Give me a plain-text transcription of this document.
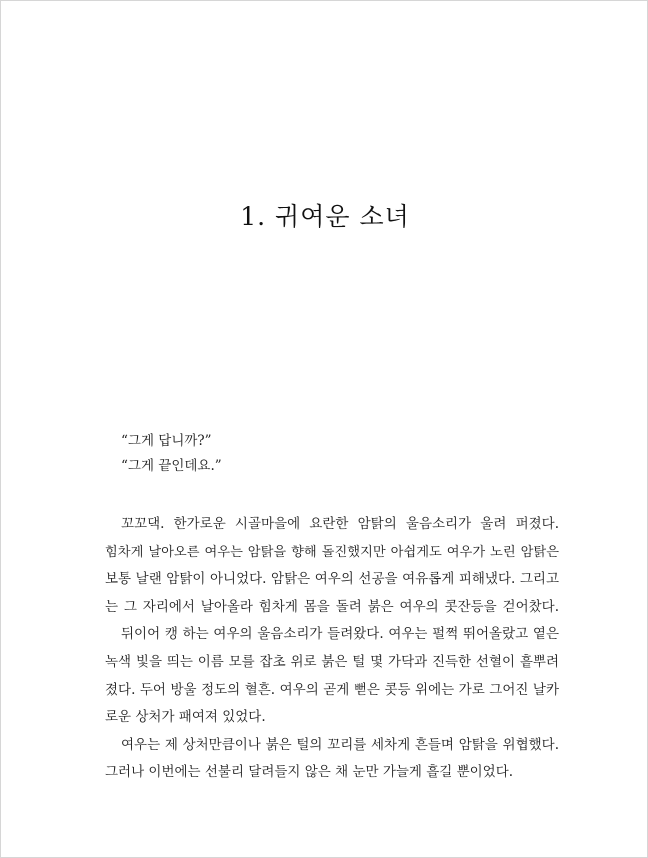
1. 귀여운 소녀

“그게 답니까?”

“그게 끝인데요.”

꼬꼬댁. 한가로운 시골마을에 요란한 암탉의 울음소리가 울려 퍼졌다.
힘차게 날아오른 여우는 암탉을 향해 돌진했지만 아쉽게도 여우가 노린 암탉은
보통 날랜 암탉이 아니었다. 암탉은 여우의 선공을 여유롭게 피해냈다. 그리고
는 그 자리에서 날아올라 힘차게 몸을 돌려 붉은 여우의 콧잔등을 걷어찼다.
뒤이어 캥 하는 여우의 울음소리가 들려왔다. 여우는 펄쩍 뛰어올랐고 옅은
녹색 빛을 띄는 이름 모를 잡초 위로 붉은 털 몇 가닥과 진득한 선혈이 흩뿌려
졌다. 두어 방울 정도의 혈흔. 여우의 곧게 뻗은 콧등 위에는 가로 그어진 날카
로운 상처가 패여져 있었다.
여우는 제 상처만큼이나 붉은 털의 꼬리를 세차게 흔들며 암탉을 위협했다.
그러나 이번에는 선불리 달려들지 않은 채 눈만 가늘게 흘길 뿐이었다.
